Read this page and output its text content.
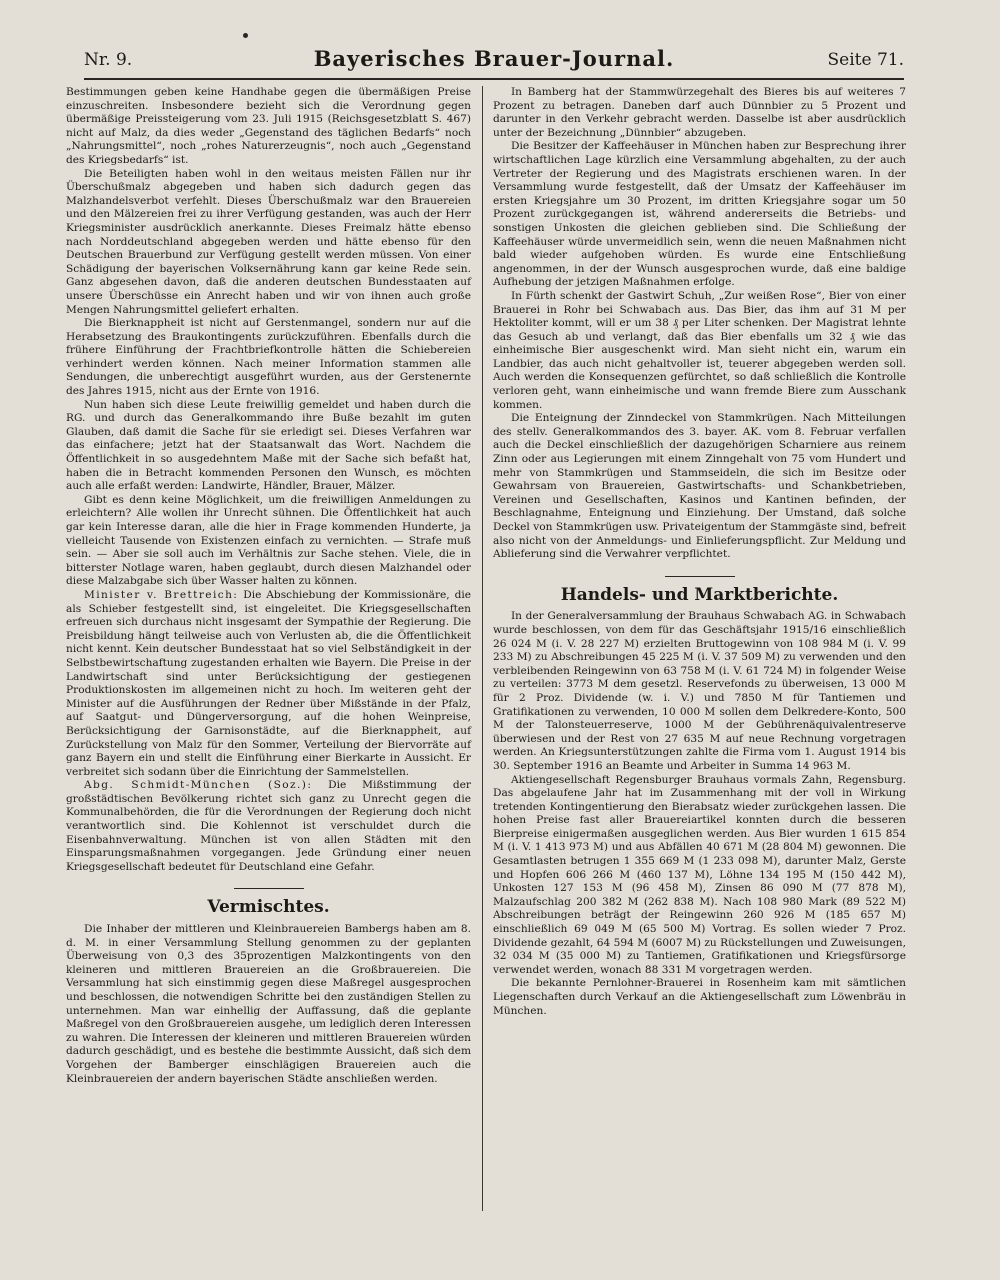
Nr. 9.	Bayerisches Brauer-Journal.	Seite 71.

Bestimmungen geben keine Handhabe gegen die übermäßigen Preise einzuschreiten. Insbesondere bezieht sich die Verordnung gegen übermäßige Preissteigerung vom 23. Juli 1915 (Reichsgesetzblatt S. 467) nicht auf Malz, da dies weder „Gegenstand des täglichen Bedarfs“ noch „Nahrungsmittel“, noch „rohes Naturerzeugnis“, noch auch „Gegenstand des Kriegsbedarfs“ ist.

Die Beteiligten haben wohl in den weitaus meisten Fällen nur ihr Überschußmalz abgegeben und haben sich dadurch gegen das Malzhandelsverbot verfehlt. Dieses Überschußmalz war den Brauereien und den Mälzereien frei zu ihrer Verfügung gestanden, was auch der Herr Kriegsminister ausdrücklich anerkannte. Dieses Freimalz hätte ebenso nach Norddeutschland abgegeben werden und hätte ebenso für den Deutschen Brauerbund zur Verfügung gestellt werden müssen. Von einer Schädigung der bayerischen Volksernährung kann gar keine Rede sein. Ganz abgesehen davon, daß die anderen deutschen Bundesstaaten auf unsere Überschüsse ein Anrecht haben und wir von ihnen auch große Mengen Nahrungsmittel geliefert erhalten.

Die Bierknappheit ist nicht auf Gerstenmangel, sondern nur auf die Herabsetzung des Braukontingents zurückzuführen. Ebenfalls durch die frühere Einführung der Frachtbriefkontrolle hätten die Schiebereien verhindert werden können. Nach meiner Information stammen alle Sendungen, die unberechtigt ausgeführt wurden, aus der Gerstenernte des Jahres 1915, nicht aus der Ernte von 1916.

Nun haben sich diese Leute freiwillig gemeldet und haben durch die RG. und durch das Generalkommando ihre Buße bezahlt im guten Glauben, daß damit die Sache für sie erledigt sei. Dieses Verfahren war das einfachere; jetzt hat der Staatsanwalt das Wort. Nachdem die Öffentlichkeit in so ausgedehntem Maße mit der Sache sich befaßt hat, haben die in Betracht kommenden Personen den Wunsch, es möchten auch alle erfaßt werden: Landwirte, Händler, Brauer, Mälzer.

Gibt es denn keine Möglichkeit, um die freiwilligen Anmeldungen zu erleichtern? Alle wollen ihr Unrecht sühnen. Die Öffentlichkeit hat auch gar kein Interesse daran, alle die hier in Frage kommenden Hunderte, ja vielleicht Tausende von Existenzen einfach zu vernichten. — Strafe muß sein. — Aber sie soll auch im Verhältnis zur Sache stehen. Viele, die in bitterster Notlage waren, haben geglaubt, durch diesen Malzhandel oder diese Malzabgabe sich über Wasser halten zu können.

Minister v. Brettreich: Die Abschiebung der Kommissionäre, die als Schieber festgestellt sind, ist eingeleitet. Die Kriegsgesellschaften erfreuen sich durchaus nicht insgesamt der Sympathie der Regierung. Die Preisbildung hängt teilweise auch von Verlusten ab, die die Öffentlichkeit nicht kennt. Kein deutscher Bundesstaat hat so viel Selbständigkeit in der Selbstbewirtschaftung zugestanden erhalten wie Bayern. Die Preise in der Landwirtschaft sind unter Berücksichtigung der gestiegenen Produktionskosten im allgemeinen nicht zu hoch. Im weiteren geht der Minister auf die Ausführungen der Redner über Mißstände in der Pfalz, auf Saatgut- und Düngerversorgung, auf die hohen Weinpreise, Berücksichtigung der Garnisonstädte, auf die Bierknappheit, auf Zurückstellung von Malz für den Sommer, Verteilung der Biervorräte auf ganz Bayern ein und stellt die Einführung einer Bierkarte in Aussicht. Er verbreitet sich sodann über die Einrichtung der Sammelstellen.

Abg. Schmidt-München (Soz.): Die Mißstimmung der großstädtischen Bevölkerung richtet sich ganz zu Unrecht gegen die Kommunalbehörden, die für die Verordnungen der Regierung doch nicht verantwortlich sind. Die Kohlennot ist verschuldet durch die Eisenbahnverwaltung. München ist von allen Städten mit den Einsparungsmaßnahmen vorgegangen. Jede Gründung einer neuen Kriegsgesellschaft bedeutet für Deutschland eine Gefahr.

Vermischtes.

Die Inhaber der mittleren und Kleinbrauereien Bambergs haben am 8. d. M. in einer Versammlung Stellung genommen zu der geplanten Überweisung von 0,3 des 35prozentigen Malzkontingents von den kleineren und mittleren Brauereien an die Großbrauereien. Die Versammlung hat sich einstimmig gegen diese Maßregel ausgesprochen und beschlossen, die notwendigen Schritte bei den zuständigen Stellen zu unternehmen. Man war einhellig der Auffassung, daß die geplante Maßregel von den Großbrauereien ausgehe, um lediglich deren Interessen zu wahren. Die Interessen der kleineren und mittleren Brauereien würden dadurch geschädigt, und es bestehe die bestimmte Aussicht, daß sich dem Vorgehen der Bamberger einschlägigen Brauereien auch die Kleinbrauereien der andern bayerischen Städte anschließen werden.

In Bamberg hat der Stammwürzegehalt des Bieres bis auf weiteres 7 Prozent zu betragen. Daneben darf auch Dünnbier zu 5 Prozent und darunter in den Verkehr gebracht werden. Dasselbe ist aber ausdrücklich unter der Bezeichnung „Dünnbier“ abzugeben.

Die Besitzer der Kaffeehäuser in München haben zur Besprechung ihrer wirtschaftlichen Lage kürzlich eine Versammlung abgehalten, zu der auch Vertreter der Regierung und des Magistrats erschienen waren. In der Versammlung wurde festgestellt, daß der Umsatz der Kaffeehäuser im ersten Kriegsjahre um 30 Prozent, im dritten Kriegsjahre sogar um 50 Prozent zurückgegangen ist, während andererseits die Betriebs- und sonstigen Unkosten die gleichen geblieben sind. Die Schließung der Kaffeehäuser würde unvermeidlich sein, wenn die neuen Maßnahmen nicht bald wieder aufgehoben würden. Es wurde eine Entschließung angenommen, in der der Wunsch ausgesprochen wurde, daß eine baldige Aufhebung der jetzigen Maßnahmen erfolge.

In Fürth schenkt der Gastwirt Schuh, „Zur weißen Rose“, Bier von einer Brauerei in Rohr bei Schwabach aus. Das Bier, das ihm auf 31 M per Hektoliter kommt, will er um 38 ₰ per Liter schenken. Der Magistrat lehnte das Gesuch ab und verlangt, daß das Bier ebenfalls um 32 ₰ wie das einheimische Bier ausgeschenkt wird. Man sieht nicht ein, warum ein Landbier, das auch nicht gehaltvoller ist, teuerer abgegeben werden soll. Auch werden die Konsequenzen gefürchtet, so daß schließlich die Kontrolle verloren geht, wann einheimische und wann fremde Biere zum Ausschank kommen.

Die Enteignung der Zinndeckel von Stammkrügen. Nach Mitteilungen des stellv. Generalkommandos des 3. bayer. AK. vom 8. Februar verfallen auch die Deckel einschließlich der dazugehörigen Scharniere aus reinem Zinn oder aus Legierungen mit einem Zinngehalt von 75 vom Hundert und mehr von Stammkrügen und Stammseideln, die sich im Besitze oder Gewahrsam von Brauereien, Gastwirtschafts- und Schankbetrieben, Vereinen und Gesellschaften, Kasinos und Kantinen befinden, der Beschlagnahme, Enteignung und Einziehung. Der Umstand, daß solche Deckel von Stammkrügen usw. Privateigentum der Stammgäste sind, befreit also nicht von der Anmeldungs- und Einlieferungspflicht. Zur Meldung und Ablieferung sind die Verwahrer verpflichtet.

Handels- und Marktberichte.

In der Generalversammlung der Brauhaus Schwabach AG. in Schwabach wurde beschlossen, von dem für das Geschäftsjahr 1915/16 einschließlich 26 024 M (i. V. 28 227 M) erzielten Bruttogewinn von 108 984 M (i. V. 99 233 M) zu Abschreibungen 45 225 M (i. V. 37 509 M) zu verwenden und den verbleibenden Reingewinn von 63 758 M (i. V. 61 724 M) in folgender Weise zu verteilen: 3773 M dem gesetzl. Reservefonds zu überweisen, 13 000 M für 2 Proz. Dividende (w. i. V.) und 7850 M für Tantiemen und Gratifikationen zu verwenden, 10 000 M sollen dem Delkredere-Konto, 500 M der Talonsteuerreserve, 1000 M der Gebührenäquivalentreserve überwiesen und der Rest von 27 635 M auf neue Rechnung vorgetragen werden. An Kriegsunterstützungen zahlte die Firma vom 1. August 1914 bis 30. September 1916 an Beamte und Arbeiter in Summa 14 963 M.

Aktiengesellschaft Regensburger Brauhaus vormals Zahn, Regensburg. Das abgelaufene Jahr hat im Zusammenhang mit der voll in Wirkung tretenden Kontingentierung den Bierabsatz wieder zurückgehen lassen. Die hohen Preise fast aller Brauereiartikel konnten durch die besseren Bierpreise einigermaßen ausgeglichen werden. Aus Bier wurden 1 615 854 M (i. V. 1 413 973 M) und aus Abfällen 40 671 M (28 804 M) gewonnen. Die Gesamtlasten betrugen 1 355 669 M (1 233 098 M), darunter Malz, Gerste und Hopfen 606 266 M (460 137 M), Löhne 134 195 M (150 442 M), Unkosten 127 153 M (96 458 M), Zinsen 86 090 M (77 878 M), Malzaufschlag 200 382 M (262 838 M). Nach 108 980 Mark (89 522 M) Abschreibungen beträgt der Reingewinn 260 926 M (185 657 M) einschließlich 69 049 M (65 500 M) Vortrag. Es sollen wieder 7 Proz. Dividende gezahlt, 64 594 M (6007 M) zu Rückstellungen und Zuweisungen, 32 034 M (35 000 M) zu Tantiemen, Gratifikationen und Kriegsfürsorge verwendet werden, wonach 88 331 M vorgetragen werden.

Die bekannte Pernlohner-Brauerei in Rosenheim kam mit sämtlichen Liegenschaften durch Verkauf an die Aktiengesellschaft zum Löwenbräu in München.
